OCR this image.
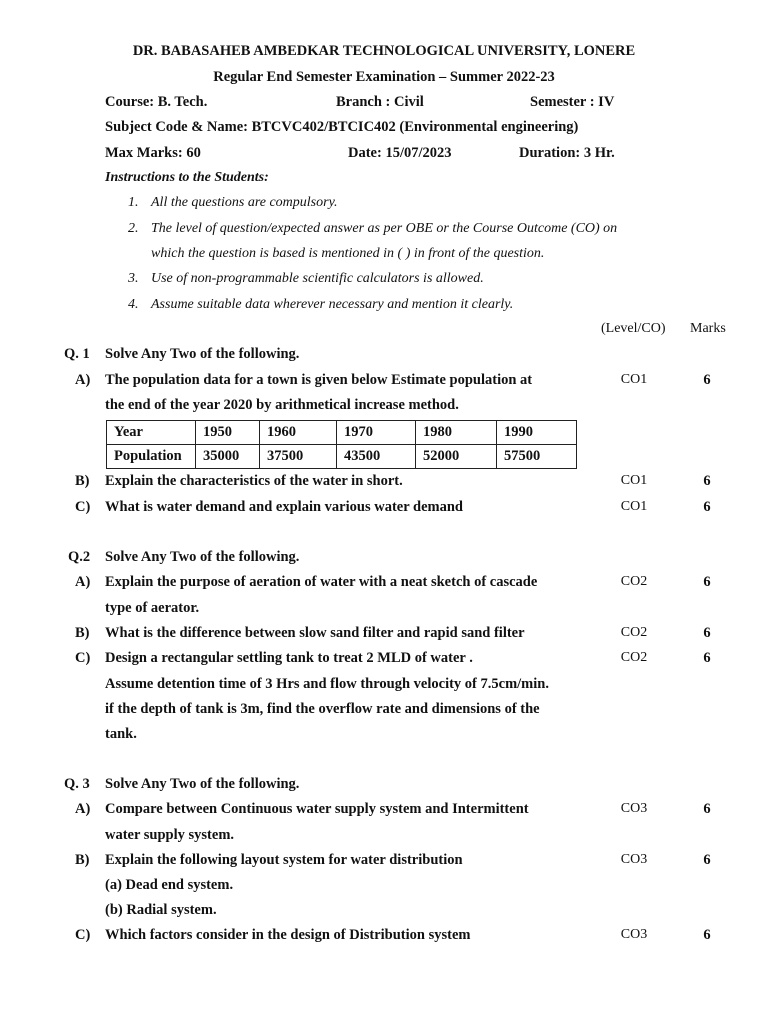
DR. BABASAHEB AMBEDKAR TECHNOLOGICAL UNIVERSITY, LONERE
Regular End Semester Examination – Summer 2022-23
Course: B. Tech.	Branch : Civil	Semester : IV
Subject Code & Name: BTCVC402/BTCIC402 (Environmental engineering)
Max Marks: 60	Date: 15/07/2023	Duration: 3 Hr.
Instructions to the Students:
1. All the questions are compulsory.
2. The level of question/expected answer as per OBE or the Course Outcome (CO) on
which the question is based is mentioned in ( ) in front of the question.
3. Use of non-programmable scientific calculators is allowed.
4. Assume suitable data wherever necessary and mention it clearly.
(Level/CO) Marks
Q. 1 Solve Any Two of the following.
A) The population data for a town is given below Estimate population at
the end of the year 2020 by arithmetical increase method.
CO1	6
Year	1950	1960	1970	1980	1990
Population	35000	37500	43500	52000	57500
B) Explain the characteristics of the water in short.	CO1	6
C) What is water demand and explain various water demand	CO1	6
Q.2 Solve Any Two of the following.
A) Explain the purpose of aeration of water with a neat sketch of cascade
type of aerator.
CO2	6
B) What is the difference between slow sand filter and rapid sand filter	CO2	6
C) Design a rectangular settling tank to treat 2 MLD of water .
Assume detention time of 3 Hrs and flow through velocity of 7.5cm/min.
if the depth of tank is 3m, find the overflow rate and dimensions of the
tank.
CO2	6
Q. 3 Solve Any Two of the following.
A) Compare between Continuous water supply system and Intermittent
water supply system.
CO3	6
B) Explain the following layout system for water distribution
(a) Dead end system.
(b) Radial system.
CO3	6
C) Which factors consider in the design of Distribution system	CO3	6
